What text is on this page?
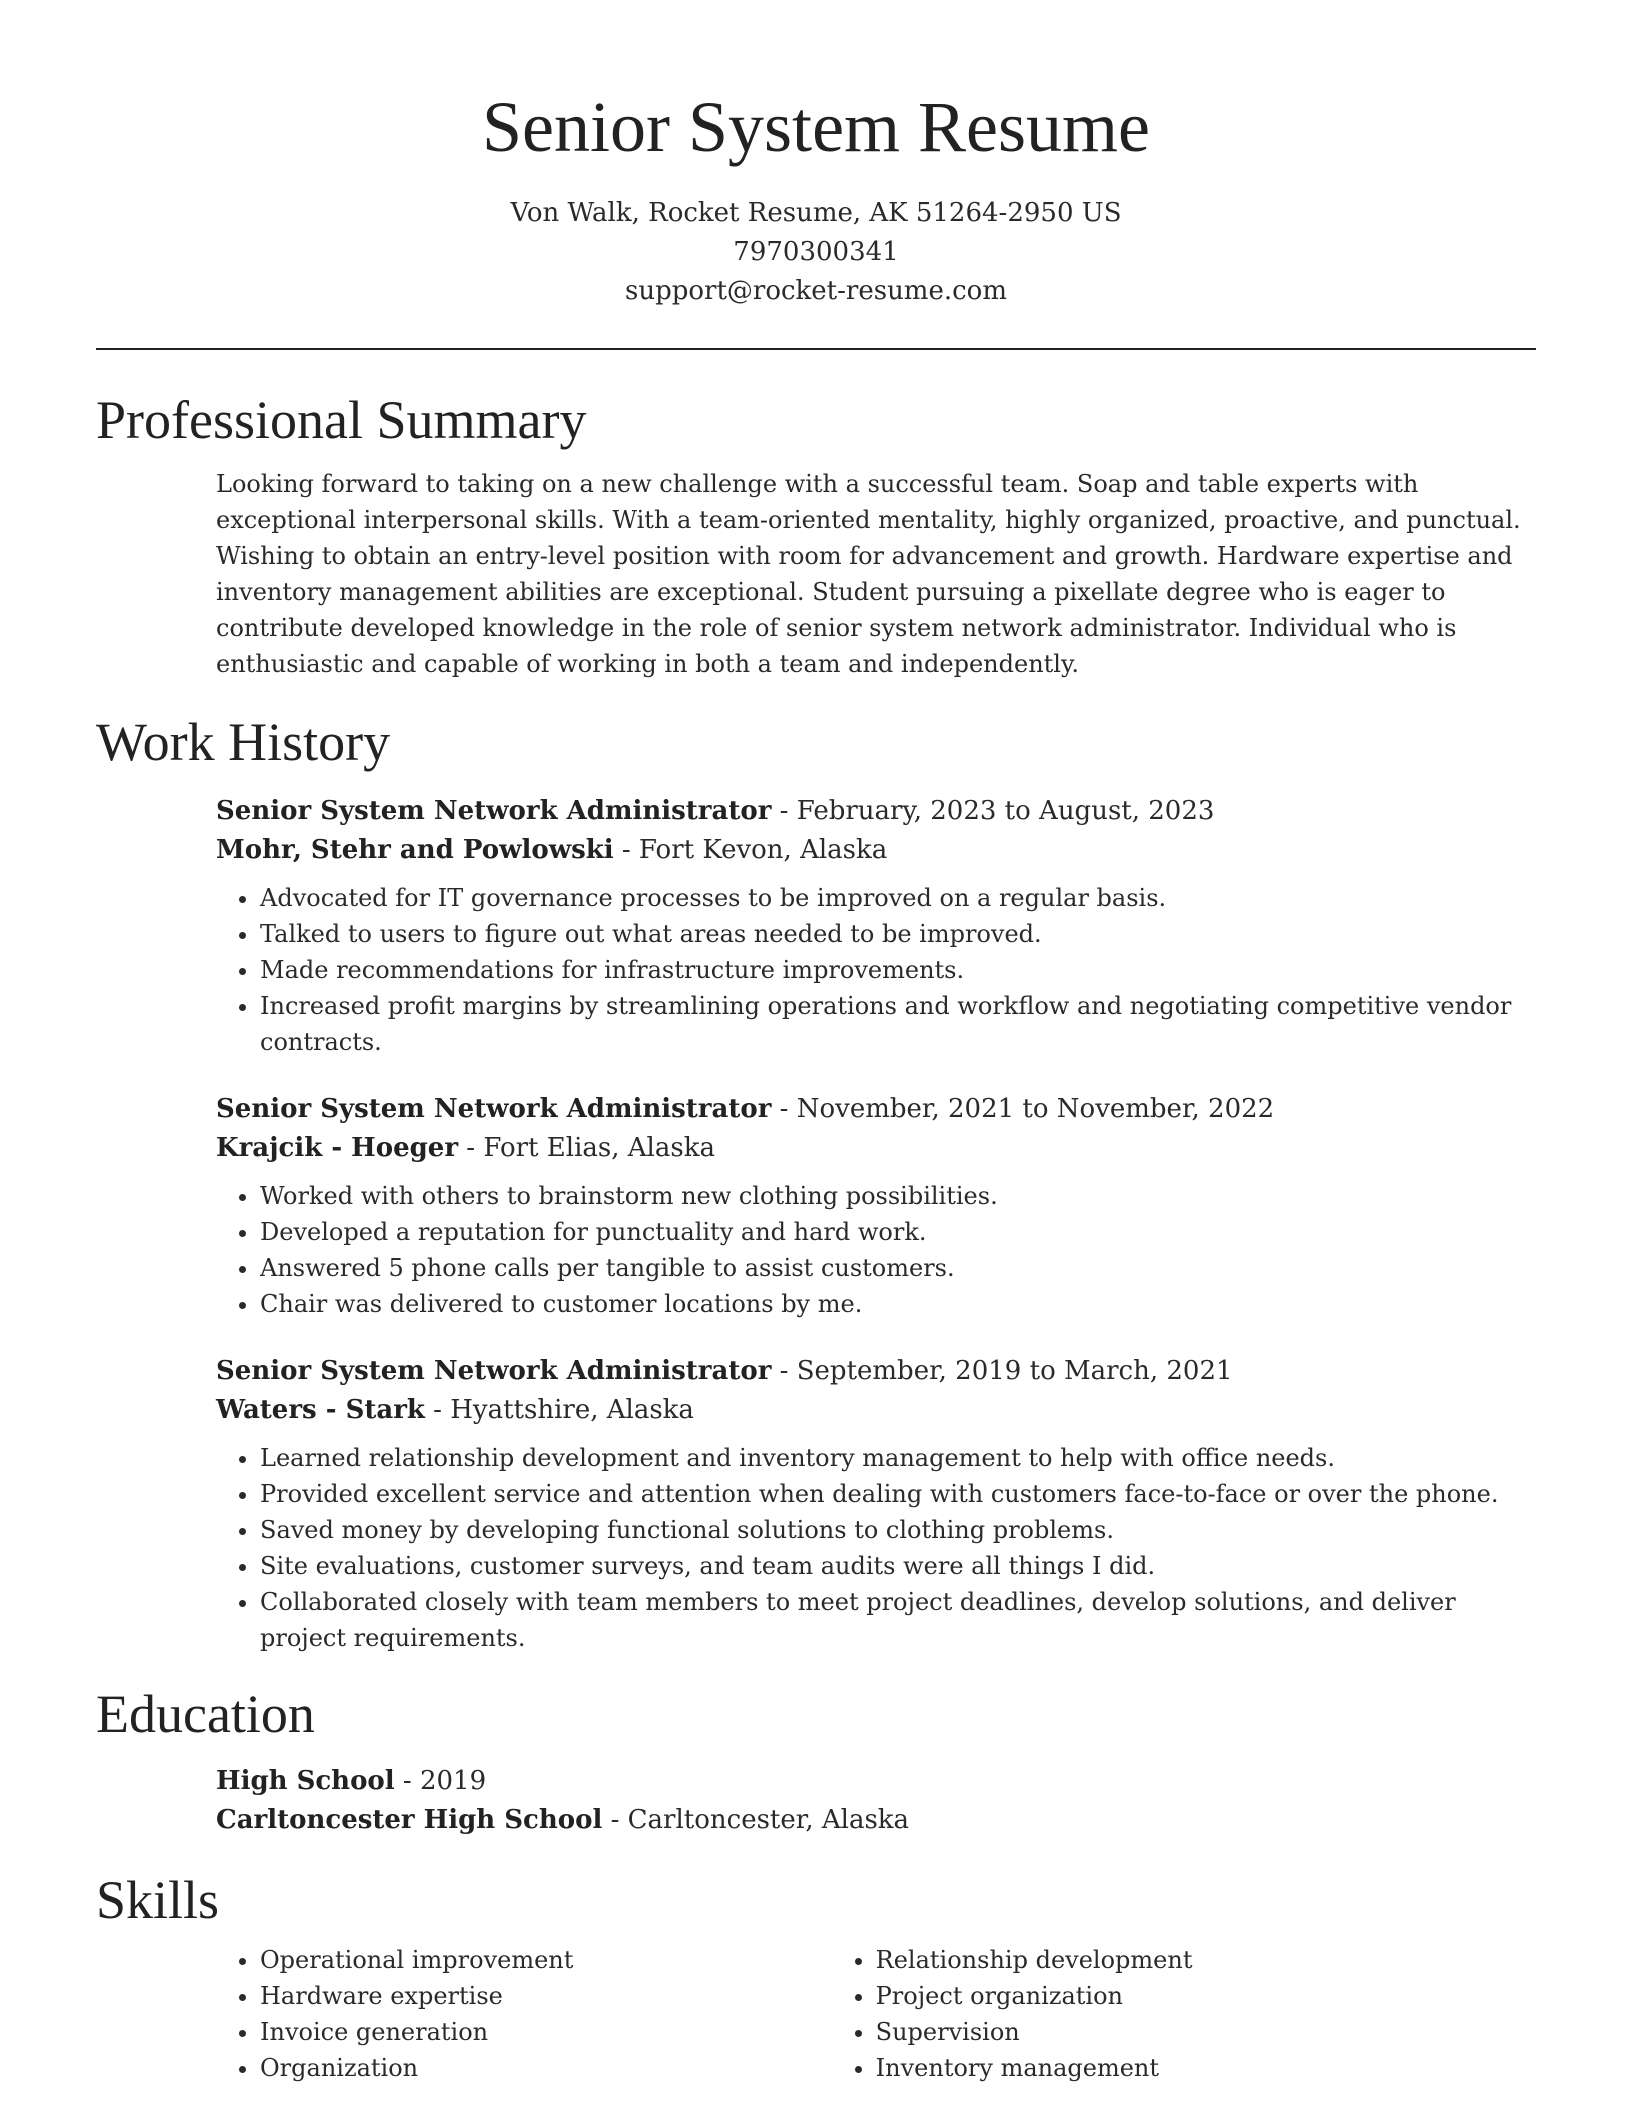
Senior System Resume
Von Walk, Rocket Resume, AK 51264-2950 US
7970300341
support@rocket-resume.com
Professional Summary

Looking forward to taking on a new challenge with a successful team. Soap and table experts with exceptional interpersonal skills. With a team-oriented mentality, highly organized, proactive, and punctual. Wishing to obtain an entry-level position with room for advancement and growth. Hardware expertise and inventory management abilities are exceptional. Student pursuing a pixellate degree who is eager to contribute developed knowledge in the role of senior system network administrator. Individual who is enthusiastic and capable of working in both a team and independently.

Work History
Senior System Network Administrator - February, 2023 to August, 2023
Mohr, Stehr and Powlowski - Fort Kevon, Alaska
• Advocated for IT governance processes to be improved on a regular basis.
• Talked to users to figure out what areas needed to be improved.
• Made recommendations for infrastructure improvements.
• Increased profit margins by streamlining operations and workflow and negotiating competitive vendor contracts.
Senior System Network Administrator - November, 2021 to November, 2022
Krajcik - Hoeger - Fort Elias, Alaska
• Worked with others to brainstorm new clothing possibilities.
• Developed a reputation for punctuality and hard work.
• Answered 5 phone calls per tangible to assist customers.
• Chair was delivered to customer locations by me.
Senior System Network Administrator - September, 2019 to March, 2021
Waters - Stark - Hyattshire, Alaska
• Learned relationship development and inventory management to help with office needs.
• Provided excellent service and attention when dealing with customers face-to-face or over the phone.
• Saved money by developing functional solutions to clothing problems.
• Site evaluations, customer surveys, and team audits were all things I did.
• Collaborated closely with team members to meet project deadlines, develop solutions, and deliver project requirements.
Education
High School - 2019
Carltoncester High School - Carltoncester, Alaska
Skills
• Operational improvement
• Hardware expertise
• Invoice generation
• Organization
• Relationship development
• Project organization
• Supervision
• Inventory management
